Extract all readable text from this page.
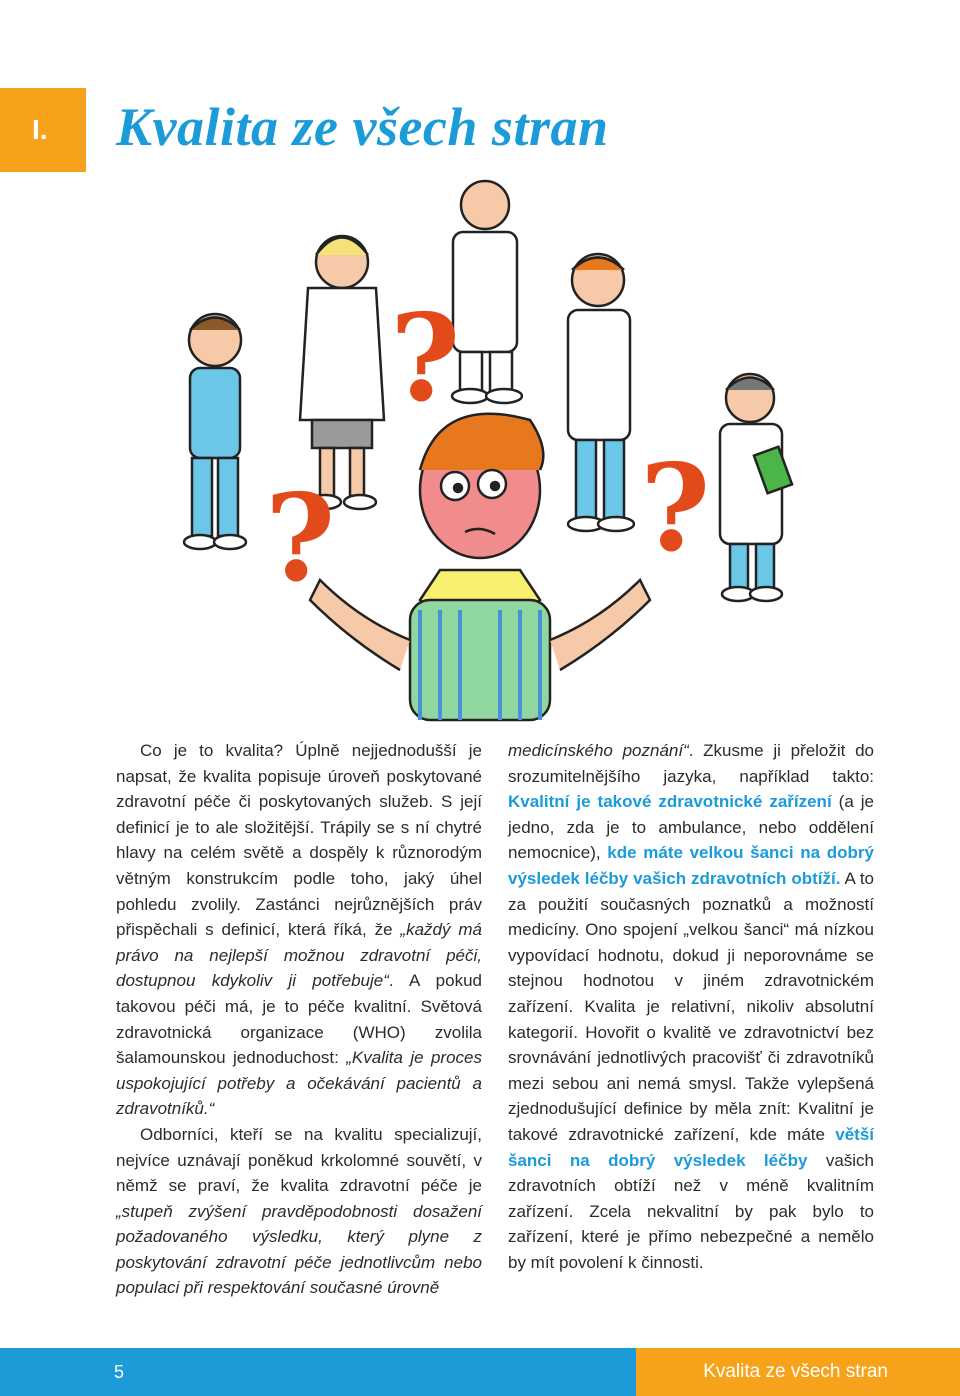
I. Kvalita ze všech stran
?
?	?

Co je to kvalita? Úplně nejjednodušší je napsat, že kvalita popisuje úroveň poskytované zdravotní péče či poskytovaných služeb. S její definicí je to ale složitější. Trápily se s ní chytré hlavy na celém světě a dospěly k různorodým větným konstrukcím podle toho, jaký úhel pohledu zvolily. Zastánci nejrůznějších práv přispěchali s definicí, která říká, že „každý má právo na nejlepší možnou zdravotní péči, dostupnou kdykoliv ji potřebuje“. A pokud takovou péči má, je to péče kvalitní. Světová zdravotnická organizace (WHO) zvolila šalamounskou jednoduchost: „Kvalita je proces uspokojující potřeby a očekávání pacientů a zdravotníků.“

Odborníci, kteří se na kvalitu specializují, nejvíce uznávají poněkud krkolomné souvětí, v němž se praví, že kvalita zdravotní péče je „stupeň zvýšení pravděpodobnosti dosažení požadovaného výsledku, který plyne z poskytování zdravotní péče jednotlivcům nebo populaci při respektování současné úrovně

medicínského poznání“. Zkusme ji přeložit do srozumitelnějšího jazyka, například takto: Kvalitní je takové zdravotnické zařízení (a je jedno, zda je to ambulance, nebo oddělení nemocnice), kde máte velkou šanci na dobrý výsledek léčby vašich zdravotních obtíží. A to za použití současných poznatků a možností medicíny. Ono spojení „velkou šanci“ má nízkou vypovídací hodnotu, dokud ji neporovnáme se stejnou hodnotou v jiném zdravotnickém zařízení. Kvalita je relativní, nikoliv absolutní kategorií. Hovořit o kvalitě ve zdravotnictví bez srovnávání jednotlivých pracovišť či zdravotníků mezi sebou ani nemá smysl. Takže vylepšená zjednodušující definice by měla znít: Kvalitní je takové zdravotnické zařízení, kde máte větší šanci na dobrý výsledek léčby vašich zdravotních obtíží než v méně kvalitním zařízení. Zcela nekvalitní by pak bylo to zařízení, které je přímo nebezpečné a nemělo by mít povolení k činnosti.

5	Kvalita ze všech stran
